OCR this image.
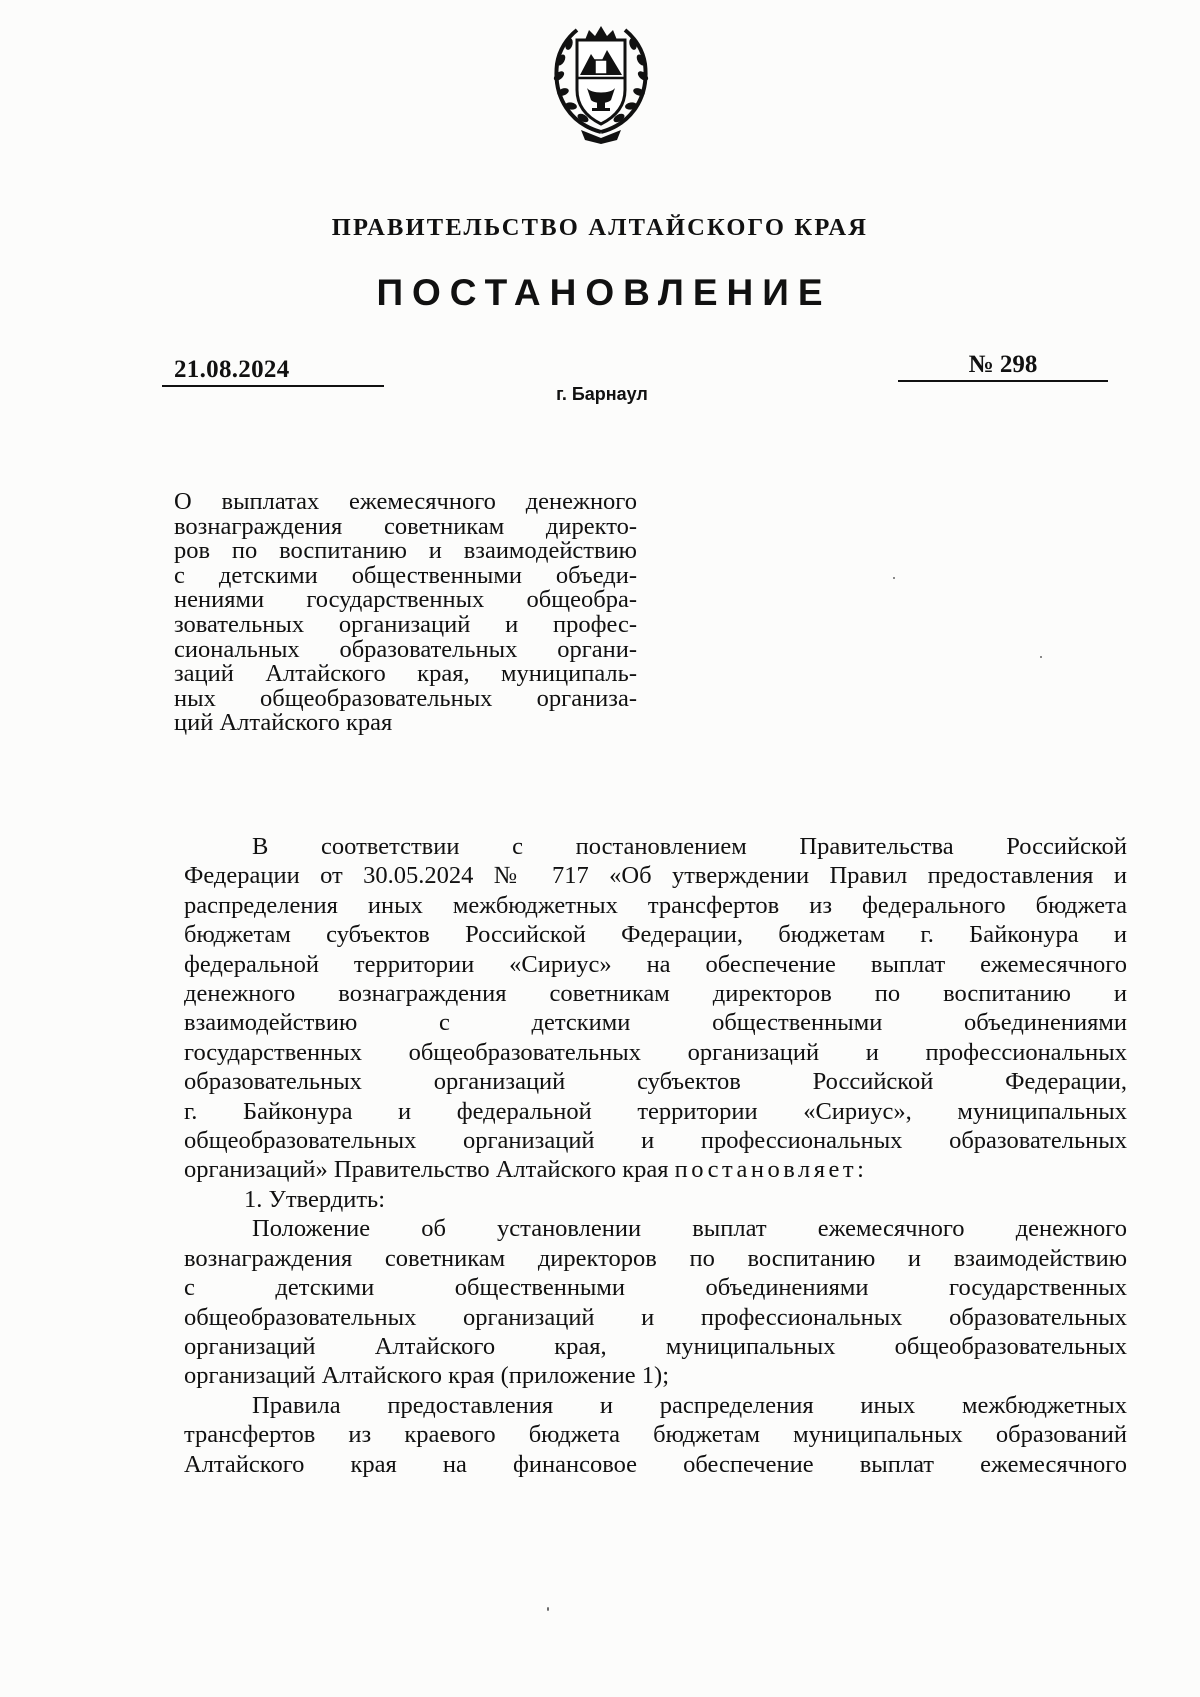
ПРАВИТЕЛЬСТВО АЛТАЙСКОГО КРАЯ
ПОСТАНОВЛЕНИЕ
21.08.2024	№ 298
г. Барнаул
О выплатах ежемесячного денежного
вознаграждения советникам директо-
ров по воспитанию и взаимодействию
с детскими общественными объеди-
нениями государственных общеобра-
зовательных организаций и профес-
сиональных образовательных органи-
заций Алтайского края, муниципаль-
ных общеобразовательных организа-
ций Алтайского края
В соответствии с постановлением Правительства Российской
Федерации от 30.05.2024 № 717 «Об утверждении Правил предоставления и
распределения иных межбюджетных трансфертов из федерального бюджета
бюджетам субъектов Российской Федерации, бюджетам г. Байконура и
федеральной территории «Сириус» на обеспечение выплат ежемесячного
денежного вознаграждения советникам директоров по воспитанию и
взаимодействию с детскими общественными объединениями
государственных общеобразовательных организаций и профессиональных
образовательных организаций субъектов Российской Федерации,
г. Байконура и федеральной территории «Сириус», муниципальных
общеобразовательных организаций и профессиональных образовательных
организаций» Правительство Алтайского края постановляет:
1. Утвердить:
Положение об установлении выплат ежемесячного денежного
вознаграждения советникам директоров по воспитанию и взаимодействию
с детскими общественными объединениями государственных
общеобразовательных организаций и профессиональных образовательных
организаций Алтайского края, муниципальных общеобразовательных
организаций Алтайского края (приложение 1);
Правила предоставления и распределения иных межбюджетных
трансфертов из краевого бюджета бюджетам муниципальных образований
Алтайского края на финансовое обеспечение выплат ежемесячного
